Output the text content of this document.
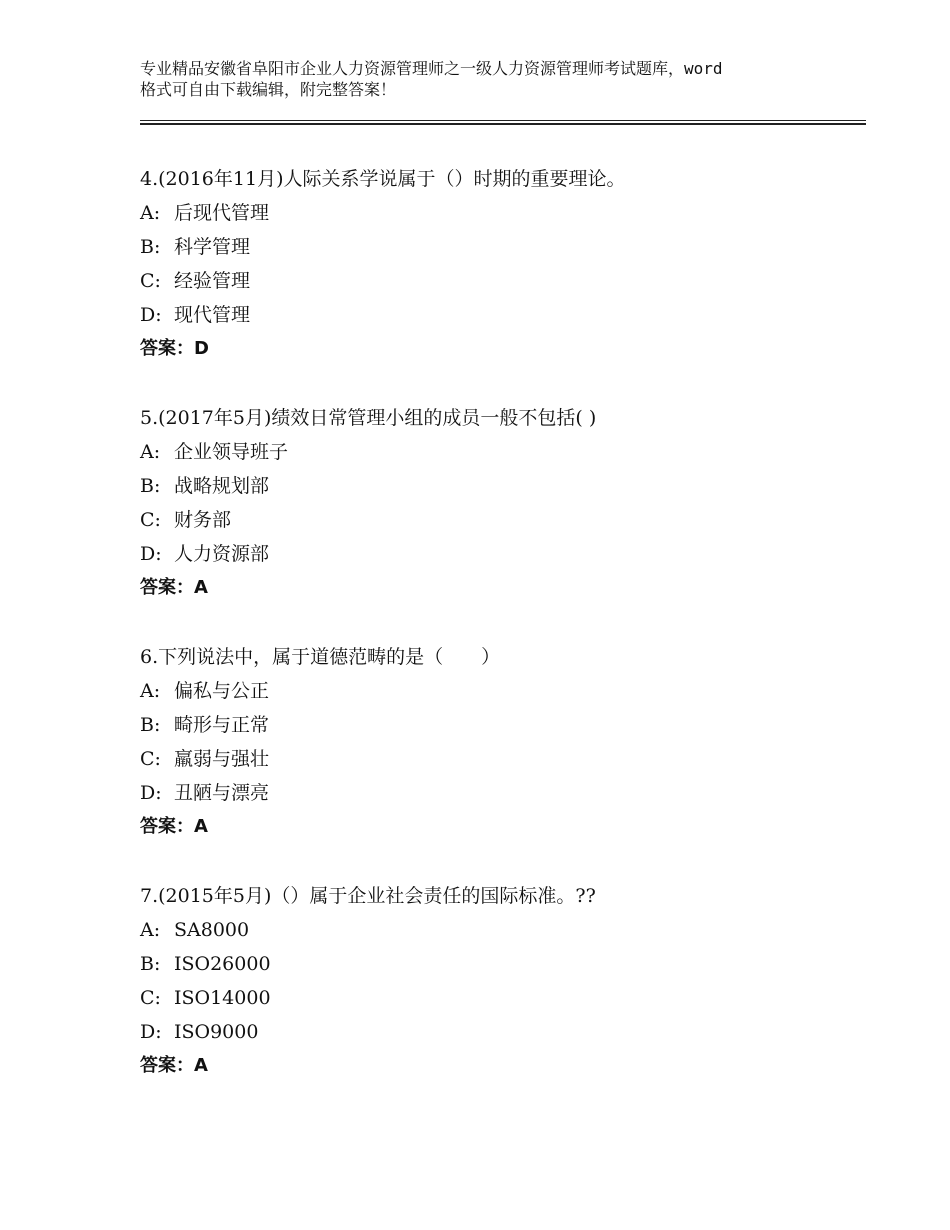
专业精品安徽省阜阳市企业人力资源管理师之一级人力资源管理师考试题库，word
格式可自由下载编辑，附完整答案！
4.(2016年11月)人际关系学说属于（）时期的重要理论。
A: 后现代管理
B: 科学管理
C: 经验管理
D: 现代管理
答案：D
5.(2017年5月)绩效日常管理小组的成员一般不包括( )
A: 企业领导班子
B: 战略规划部
C: 财务部
D: 人力资源部
答案：A
6.下列说法中，属于道德范畴的是（　　）
A: 偏私与公正
B: 畸形与正常
C: 羸弱与强壮
D: 丑陋与漂亮
答案：A
7.(2015年5月)（）属于企业社会责任的国际标准。??
A: SA8000
B: ISO26000
C: ISO14000
D: ISO9000
答案：A
